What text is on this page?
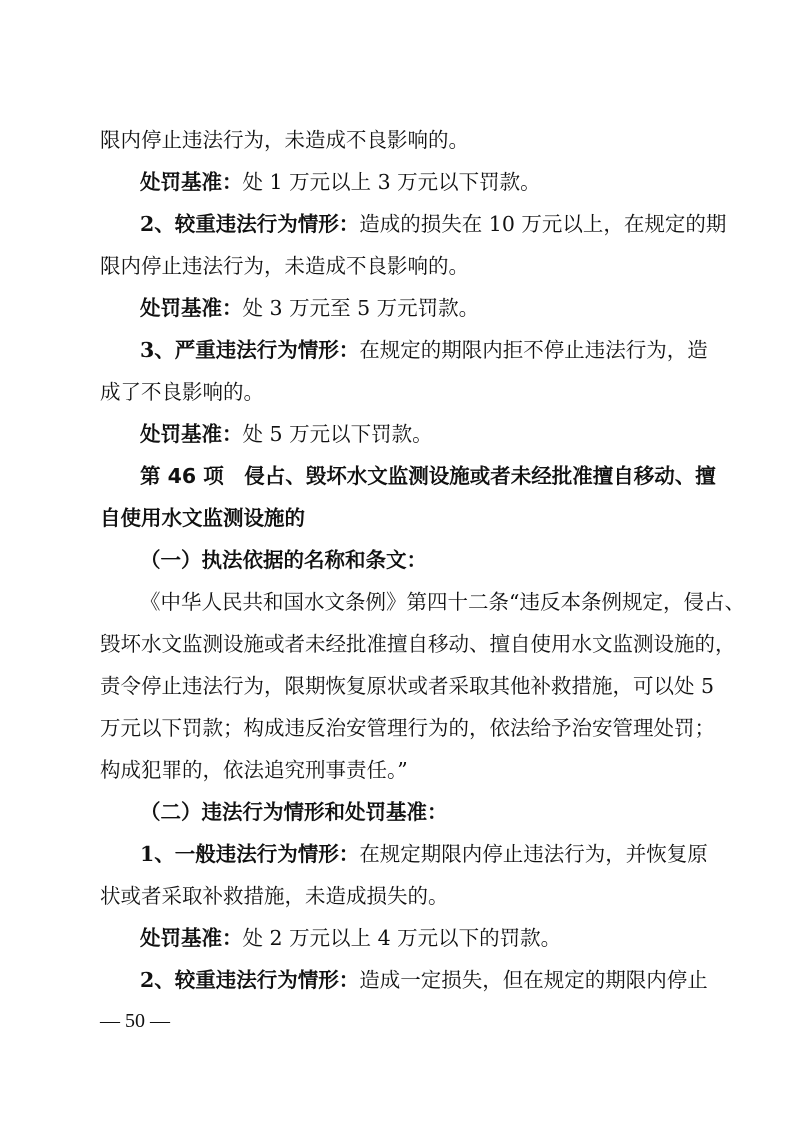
限内停止违法行为，未造成不良影响的。
处罚基准：处 1 万元以上 3 万元以下罚款。
2、较重违法行为情形：造成的损失在 10 万元以上，在规定的期
限内停止违法行为，未造成不良影响的。
处罚基准：处 3 万元至 5 万元罚款。
3、严重违法行为情形：在规定的期限内拒不停止违法行为，造
成了不良影响的。
处罚基准：处 5 万元以下罚款。
第 46 项　侵占、毁坏水文监测设施或者未经批准擅自移动、擅
自使用水文监测设施的
（一）执法依据的名称和条文：
《中华人民共和国水文条例》第四十二条“违反本条例规定，侵占、
毁坏水文监测设施或者未经批准擅自移动、擅自使用水文监测设施的，
责令停止违法行为，限期恢复原状或者采取其他补救措施，可以处 5
万元以下罚款；构成违反治安管理行为的，依法给予治安管理处罚；
构成犯罪的，依法追究刑事责任。”
（二）违法行为情形和处罚基准：
1、一般违法行为情形：在规定期限内停止违法行为，并恢复原
状或者采取补救措施，未造成损失的。
处罚基准：处 2 万元以上 4 万元以下的罚款。
2、较重违法行为情形：造成一定损失，但在规定的期限内停止
— 50 —
